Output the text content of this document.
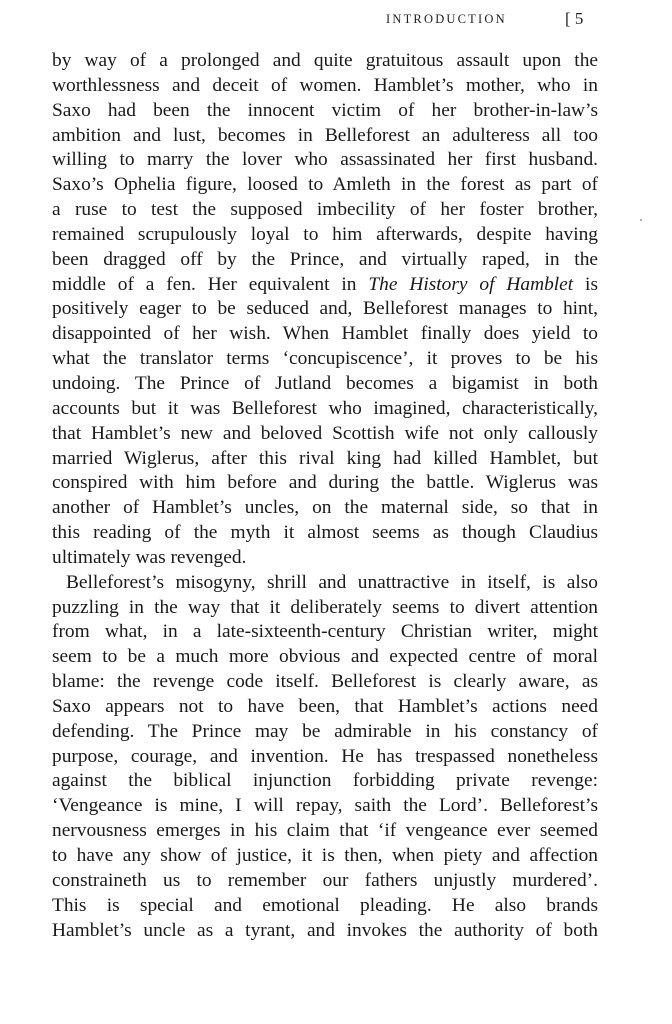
INTRODUCTION	[ 5
by way of a prolonged and quite gratuitous assault upon the
worthlessness and deceit of women. Hamblet’s mother, who in
Saxo had been the innocent victim of her brother-in-law’s
ambition and lust, becomes in Belleforest an adulteress all too
willing to marry the lover who assassinated her first husband.
Saxo’s Ophelia figure, loosed to Amleth in the forest as part of
a ruse to test the supposed imbecility of her foster brother,
remained scrupulously loyal to him afterwards, despite having
been dragged off by the Prince, and virtually raped, in the
middle of a fen. Her equivalent in The History of Hamblet is
positively eager to be seduced and, Belleforest manages to hint,
disappointed of her wish. When Hamblet finally does yield to
what the translator terms ‘concupiscence’, it proves to be his
undoing. The Prince of Jutland becomes a bigamist in both
accounts but it was Belleforest who imagined, characteristically,
that Hamblet’s new and beloved Scottish wife not only callously
married Wiglerus, after this rival king had killed Hamblet, but
conspired with him before and during the battle. Wiglerus was
another of Hamblet’s uncles, on the maternal side, so that in
this reading of the myth it almost seems as though Claudius
ultimately was revenged.
Belleforest’s misogyny, shrill and unattractive in itself, is also
puzzling in the way that it deliberately seems to divert attention
from what, in a late-sixteenth-century Christian writer, might
seem to be a much more obvious and expected centre of moral
blame: the revenge code itself. Belleforest is clearly aware, as
Saxo appears not to have been, that Hamblet’s actions need
defending. The Prince may be admirable in his constancy of
purpose, courage, and invention. He has trespassed nonetheless
against the biblical injunction forbidding private revenge:
‘Vengeance is mine, I will repay, saith the Lord’. Belleforest’s
nervousness emerges in his claim that ‘if vengeance ever seemed
to have any show of justice, it is then, when piety and affection
constraineth us to remember our fathers unjustly murdered’.
This is special and emotional pleading. He also brands
Hamblet’s uncle as a tyrant, and invokes the authority of both
